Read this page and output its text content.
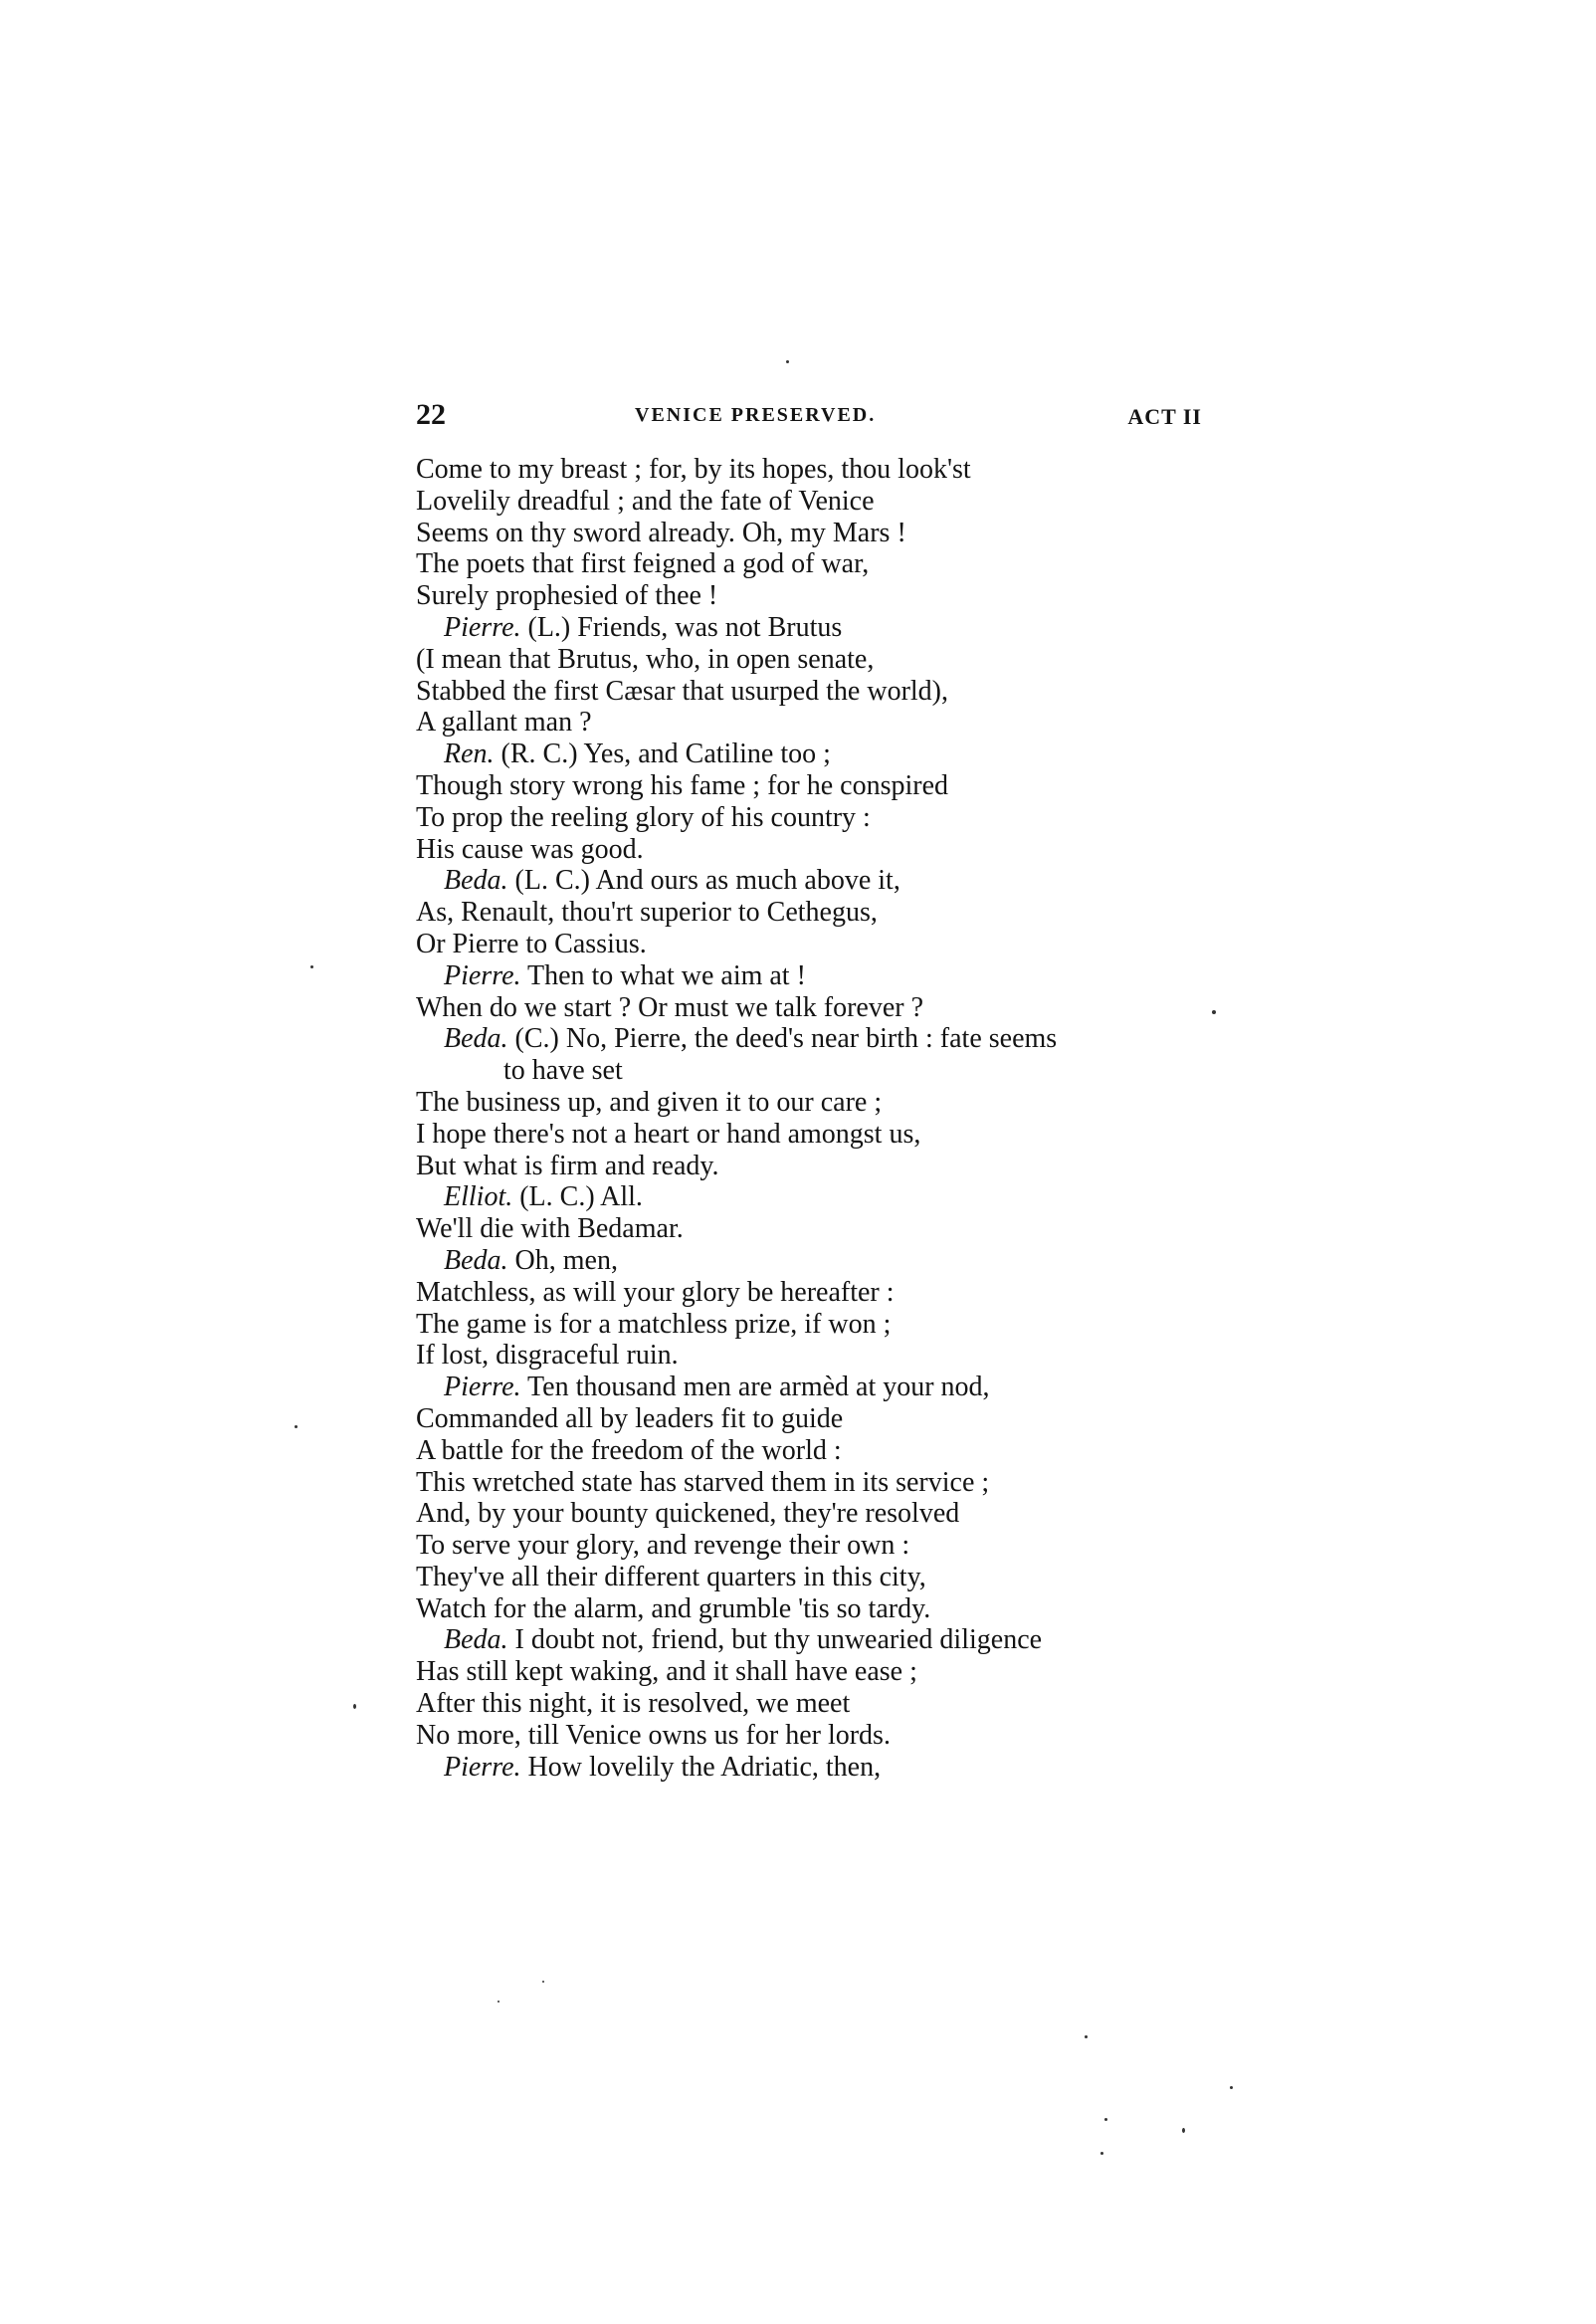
22	VENICE PRESERVED.	ACT II
Come to my breast ; for, by its hopes, thou look'st
Lovelily dreadful ; and the fate of Venice
Seems on thy sword already. Oh, my Mars !
The poets that first feigned a god of war,
Surely prophesied of thee !
Pierre. (L.) Friends, was not Brutus
(I mean that Brutus, who, in open senate,
Stabbed the first Cæsar that usurped the world),
A gallant man ?
Ren. (R. C.) Yes, and Catiline too ;
Though story wrong his fame ; for he conspired
To prop the reeling glory of his country :
His cause was good.
Beda. (L. C.) And ours as much above it,
As, Renault, thou'rt superior to Cethegus,
Or Pierre to Cassius.
Pierre. Then to what we aim at !
When do we start ? Or must we talk forever ?
Beda. (C.) No, Pierre, the deed's near birth : fate seems
to have set
The business up, and given it to our care ;
I hope there's not a heart or hand amongst us,
But what is firm and ready.
Elliot. (L. C.) All.
We'll die with Bedamar.
Beda. Oh, men,
Matchless, as will your glory be hereafter :
The game is for a matchless prize, if won ;
If lost, disgraceful ruin.
Pierre. Ten thousand men are armèd at your nod,
Commanded all by leaders fit to guide
A battle for the freedom of the world :
This wretched state has starved them in its service ;
And, by your bounty quickened, they're resolved
To serve your glory, and revenge their own :
They've all their different quarters in this city,
Watch for the alarm, and grumble 'tis so tardy.
Beda. I doubt not, friend, but thy unwearied diligence
Has still kept waking, and it shall have ease ;
After this night, it is resolved, we meet
No more, till Venice owns us for her lords.
Pierre. How lovelily the Adriatic, then,
